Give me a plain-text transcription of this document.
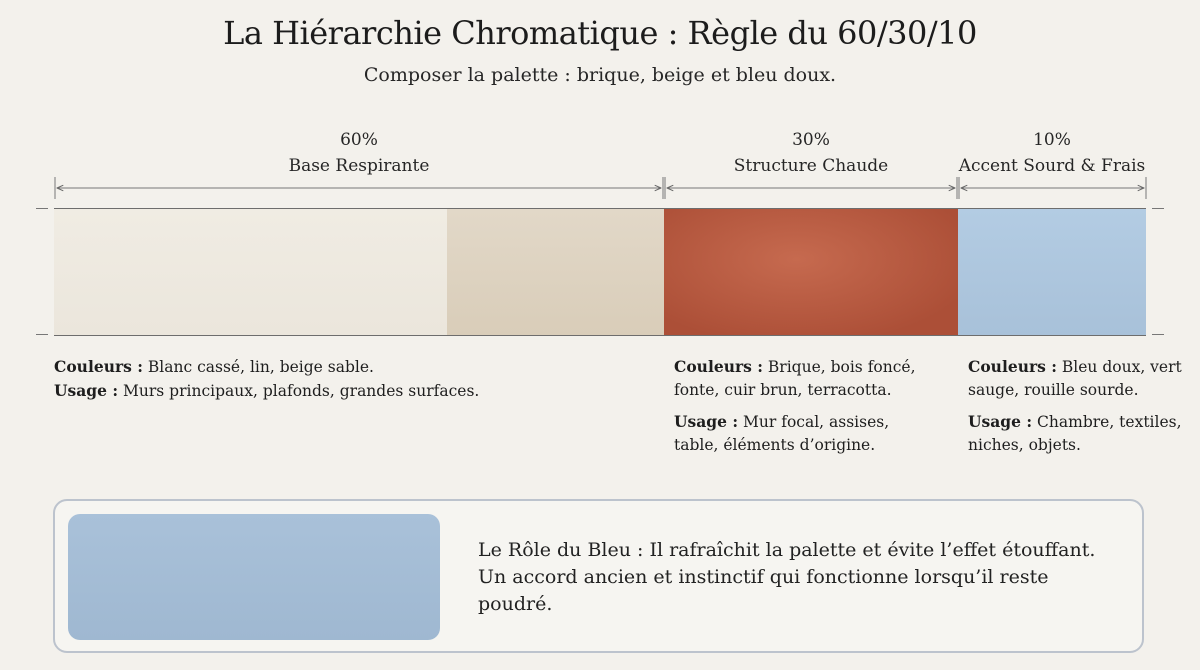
La Hiérarchie Chromatique : Règle du 60/30/10
Composer la palette : brique, beige et bleu doux.
60%
Base Respirante
30%
Structure Chaude
10%
Accent Sourd & Frais

Couleurs : Blanc cassé, lin, beige sable.

Usage : Murs principaux, plafonds, grandes surfaces.

Couleurs : Brique, bois foncé, fonte, cuir brun, terracotta.

Usage : Mur focal, assises, table, éléments d’origine.

Couleurs : Bleu doux, vert sauge, rouille sourde.

Usage : Chambre, textiles, niches, objets.

Le Rôle du Bleu : Il rafraîchit la palette et évite l’effet étouffant. Un accord ancien et instinctif qui fonctionne lorsqu’il reste poudré.
